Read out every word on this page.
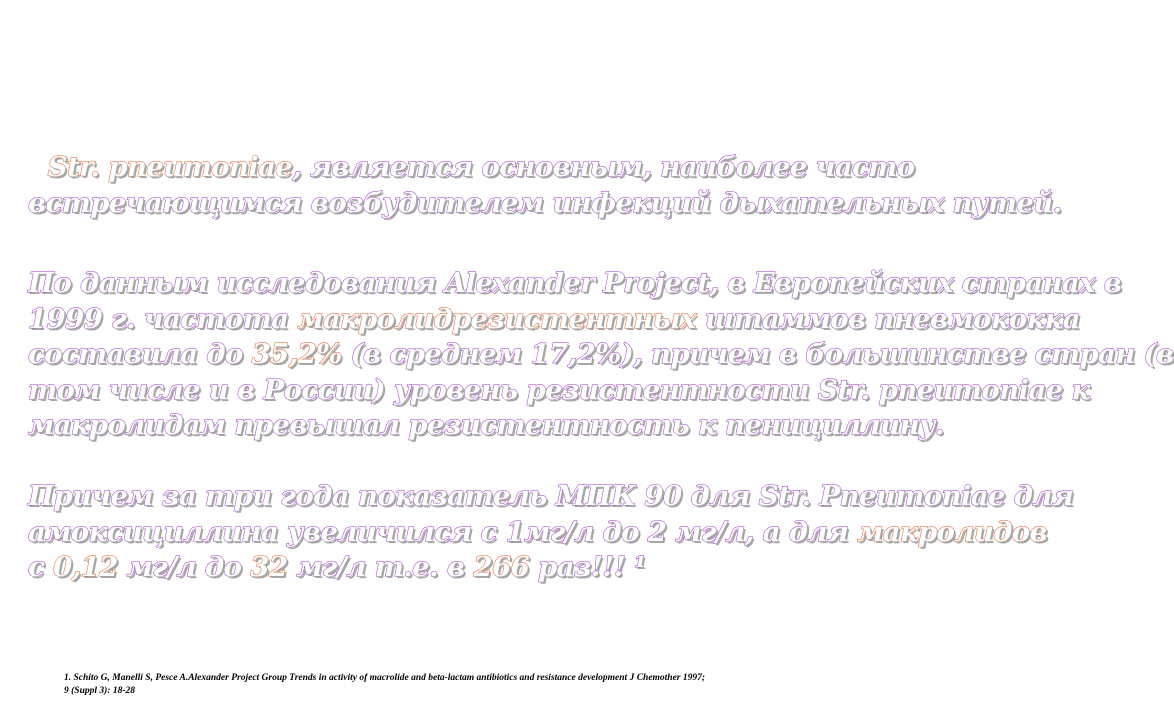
Str. pneumoniae, является основным, наиболее часто
встречающимся возбудителем инфекций дыхательных путей.

По данным исследования Alexander Project, в Европейских странах в
1999 г. частота макролидрезистентных штаммов пневмококка
составила до 35,2% (в среднем 17,2%), причем в большинстве стран (в
том числе и в России) уровень резистентности Str. pneumoniae к
макролидам превышал резистентность к пенициллину.

Причем за три года показатель МПК 90 для Str. Pneumoniae для
амоксициллина увеличился с 1мг/л до 2 мг/л, а для макролидов
с 0,12 мг/л до 32 мг/л т.е. в 266 раз!!! ¹

1. Schito G, Manelli S, Pesce A.Alexander Project Group Trends in activity of macrolide and beta-lactam antibiotics and resistance development J Chemother 1997;
9 (Suppl 3): 18-28
